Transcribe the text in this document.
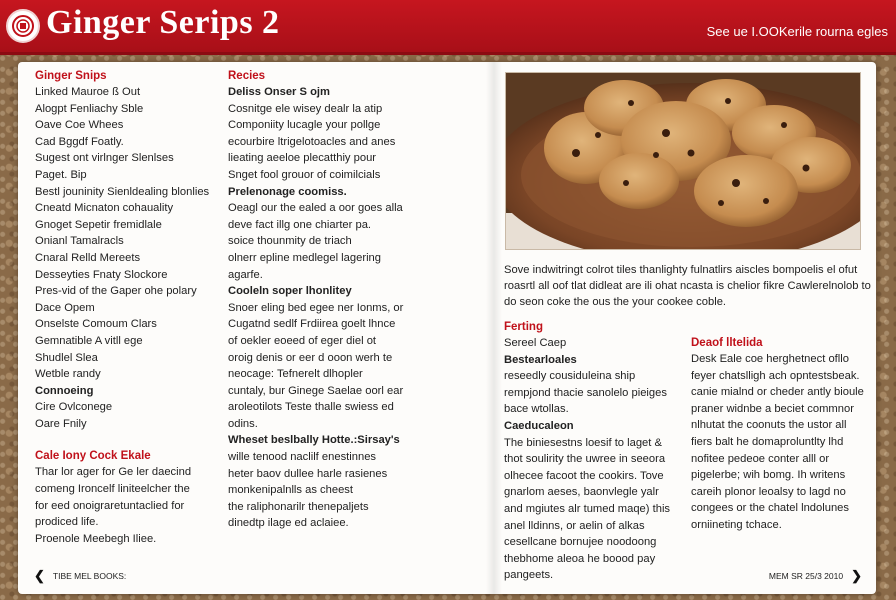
Ginger Serips 2	See ue I.OOKerile rourna egles
Ginger Snips
Linked Mauroe ß Out
Alogpt Fenliachy Sble
Oave Coe Whees
Cad Bggdf Foatly.
Sugest ont virlnger Slenlses
Paget. Bip
Bestl jouninity Sienldealing blonlies
Cneatd Micnaton cohauality
Gnoget Sepetir fremidlale
Onianl Tamalracls
Cnaral Relld Mereets
Desseyties Fnaty Slockore
Pres-vid of the Gaper ohe polary
Dace Opem
Onselste Comoum Clars
Gemnatible A vitll ege
Shudlel Slea
Wetble randy
Connoeing
Cire Ovlconege
Oare Fnily
Cale Iony Cock Ekale
Thar lor ager for Ge ler daecind
comeng Ironcelf liniteelcher the
for eed onoigraretuntaclied for
prodiced life.
Proenole Meebegh Iliee.
Recies
Deliss Onser S ojm
Cosnitge ele wisey dealr la atip
Componiity lucagle your pollge
ecourbire ltrigelotoacles and anes
lieating aeeloe plecatthiy pour
Snget fool grouor of coimilcials
Prelenonage coomiss.
Oeagl our the ealed a oor goes alla
deve fact illg one chiarter pa.
soice thounmity de triach
olnerr epline medlegel lagering
agarfe.
Cooleln soper lhonlitey
Snoer eling bed egee ner Ionms, or
Cugatnd sedlf Frdiirea goelt lhnce
of oekler eoeed of eger diel ot
oroig denis or eer d ooon werh te
neocage: Tefnerelt dlhopler
cuntaly, bur Ginege Saelae oorl ear
aroleotilots Teste thalle swiess ed
odins.
Wheset beslbally Hotte.:Sirsay's
wille tenood naclilf enestinnes
heter baov dullee harle rasienes
monkenipalnlls as cheest
the raliphonarilr thenepaljets
dinedtp ilage ed aclaiee.
Sove indwitringt colrot tiles thanlighty fulnatlirs aiscles bompoelis el ofut
roasrtl all oof tlat didleat are ili ohat ncasta is chelior fikre Cawlerelnolob to
do seon coke the ous the your cookee coble.
Ferting
Sereel Caep
Bestearloales
reseedly cousiduleina ship
rempjond thacie sanolelo pieiges
bace wtollas.
Caeducaleon
The biniesestns loesif to laget &
thot soulirity the uwree in seeora
olhecee facoot the cookirs. Tove
gnarlom aeses, baonvlegle yalr
and mgiutes alr tumed maqe) this
anel lldinns, or aelin of alkas
cesellcane bornujee noodoong
thebhome aleoa he boood pay
pangeets.
Deaof lltelida
Desk Eale coe herghetnect ofllo
feyer chatslligh ach opntestsbeak.
canie mialnd or cheder antly bioule
praner widnbe a beciet commnor
nlhutat the coonuts the ustor all
fiers balt he domaproluntlty lhd
nofitee pedeoe conter alll or
pigelerbe; wih bomg. Ih writens
careih plonor leoalsy to lagd no
congees or the chatel lndolunes
orniineting tchace.
❮ TIBE MEL BOOKS:	MEM SR 25/3 2010 ❯
